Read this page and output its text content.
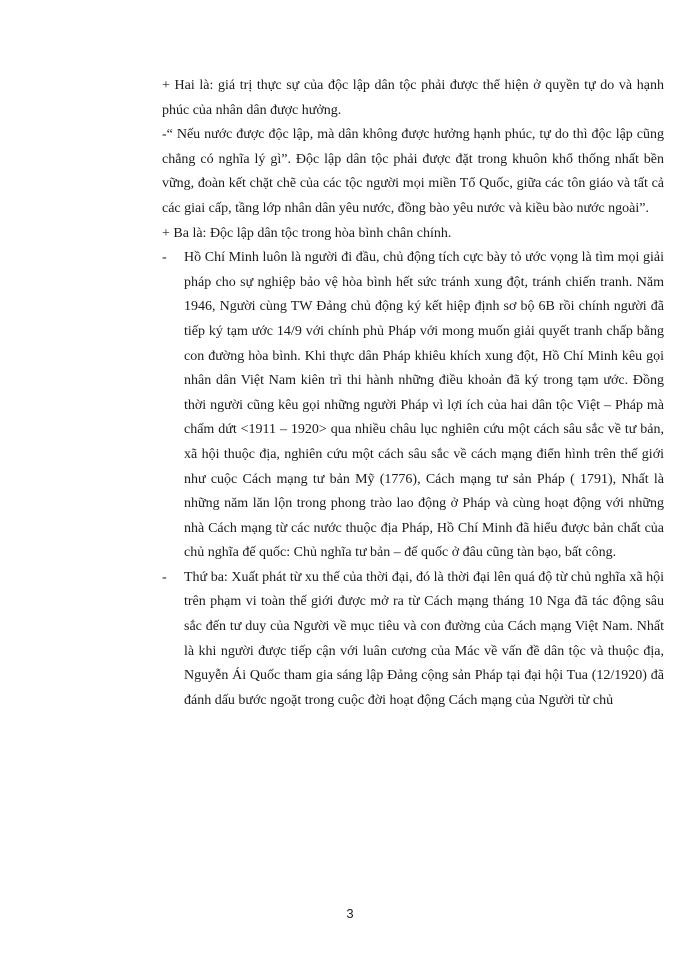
+ Hai là: giá trị thực sự của độc lập dân tộc phải được thể hiện ở quyền tự do và hạnh phúc của nhân dân được hưởng.

-“ Nếu nước được độc lập, mà dân không được hưởng hạnh phúc, tự do thì độc lập cũng chẳng có nghĩa lý gì”. Độc lập dân tộc phải được đặt trong khuôn khổ thống nhất bền vững, đoàn kết chặt chẽ của các tộc người mọi miền Tổ Quốc, giữa các tôn giáo và tất cả các giai cấp, tầng lớp nhân dân yêu nước, đồng bào yêu nước và kiều bào nước ngoài”.

+ Ba là: Độc lập dân tộc trong hòa bình chân chính.

- Hồ Chí Minh luôn là người đi đầu, chủ động tích cực bày tỏ ước vọng là tìm mọi giải pháp cho sự nghiệp bảo vệ hòa bình hết sức tránh xung đột, tránh chiến tranh. Năm 1946, Người cùng TW Đảng chủ động ký kết hiệp định sơ bộ 6B rồi chính người đã tiếp ký tạm ước 14/9 với chính phủ Pháp với mong muốn giải quyết tranh chấp bằng con đường hòa bình. Khi thực dân Pháp khiêu khích xung đột, Hồ Chí Minh kêu gọi nhân dân Việt Nam kiên trì thi hành những điều khoản đã ký trong tạm ước. Đồng thời người cũng kêu gọi những người Pháp vì lợi ích của hai dân tộc Việt – Pháp mà chấm dứt <1911 – 1920> qua nhiều châu lục nghiên cứu một cách sâu sắc về tư bản, xã hội thuộc địa, nghiên cứu một cách sâu sắc về cách mạng điển hình trên thế giới như cuộc Cách mạng tư bản Mỹ (1776), Cách mạng tư sản Pháp ( 1791), Nhất là những năm lăn lộn trong phong trào lao động ở Pháp và cùng hoạt động với những nhà Cách mạng từ các nước thuộc địa Pháp, Hồ Chí Minh đã hiểu được bản chất của chủ nghĩa đế quốc: Chủ nghĩa tư bản – đế quốc ở đâu cũng tàn bạo, bất công.
- Thứ ba: Xuất phát từ xu thế của thời đại, đó là thời đại lên quá độ từ chủ nghĩa xã hội trên phạm vi toàn thế giới được mở ra từ Cách mạng tháng 10 Nga đã tác động sâu sắc đến tư duy của Người về mục tiêu và con đường của Cách mạng Việt Nam. Nhất là khi người được tiếp cận với luân cương của Mác về vấn đề dân tộc và thuộc địa, Nguyễn Ái Quốc tham gia sáng lập Đảng cộng sản Pháp tại đại hội Tua (12/1920) đã đánh dấu bước ngoặt trong cuộc đời hoạt động Cách mạng của Người từ chủ
3
